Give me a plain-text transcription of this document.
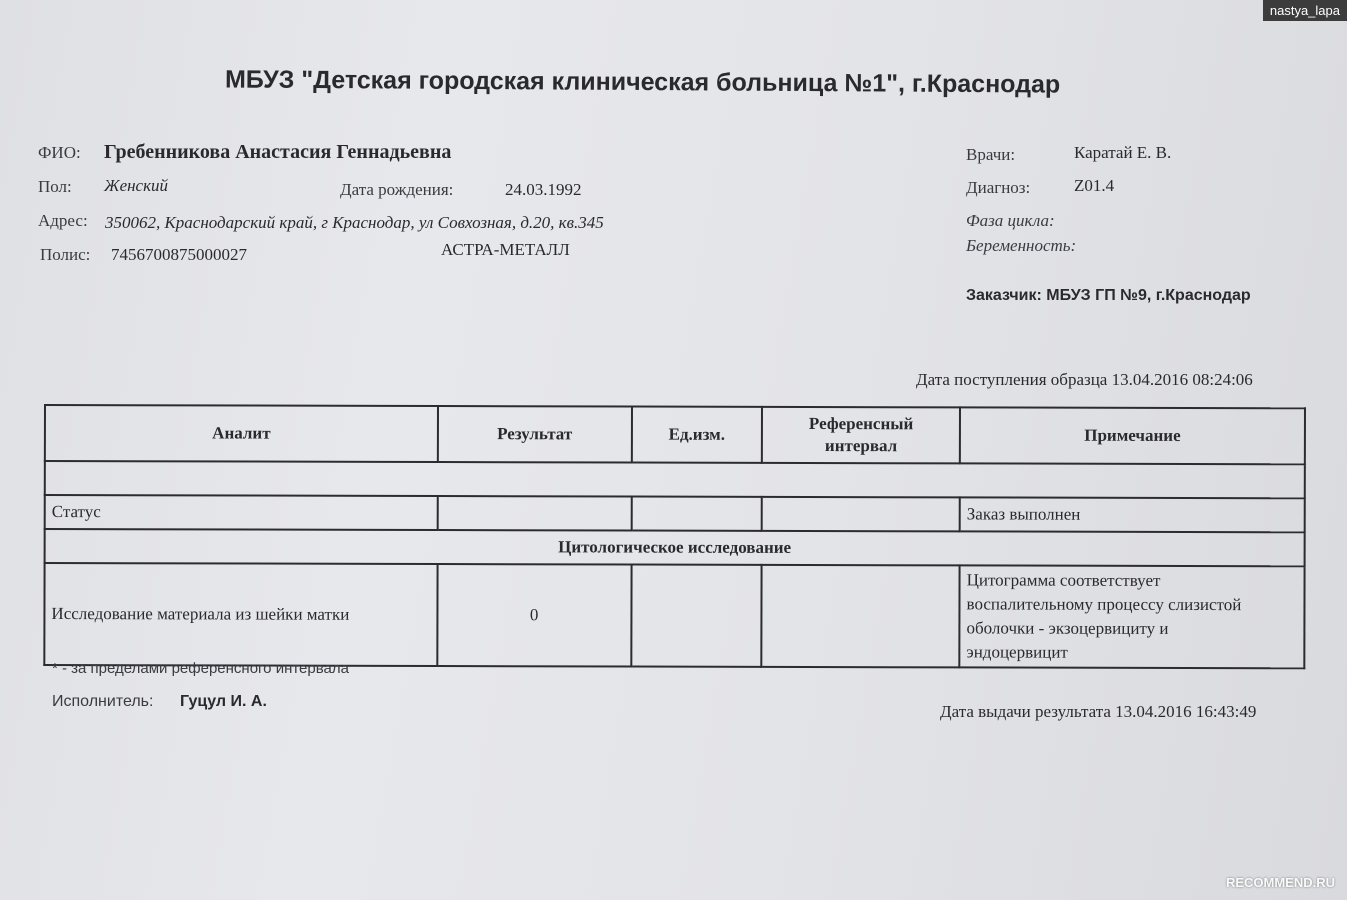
МБУЗ "Детская городская клиническая больница №1", г.Краснодар
ФИО: Гребенникова Анастасия Геннадьевна
Пол: Женский	Дата рождения:	24.03.1992
Адрес: 350062, Краснодарский край, г Краснодар, ул Совхозная, д.20, кв.345
Полис: 7456700875000027	АСТРА-МЕТАЛЛ
Врачи:	Каратай Е. В.
Диагноз:	Z01.4
Фаза цикла:
Беременность:
Заказчик: МБУЗ ГП №9, г.Краснодар
Дата поступления образца 13.04.2016 08:24:06
Аналит	Результат	Ед.изм.	Референсный интервал	Примечание

Статус				Заказ выполнен
Цитологическое исследование				
Исследование материала из шейки матки	0			Цитограмма соответствует воспалительному процессу слизистой оболочки - экзоцервициту и эндоцервицит
* - за пределами референсного интервала
Исполнитель: Гуцул И. А.
Дата выдачи результата 13.04.2016 16:43:49
nastya_lapa
RECOMMEND.RU
